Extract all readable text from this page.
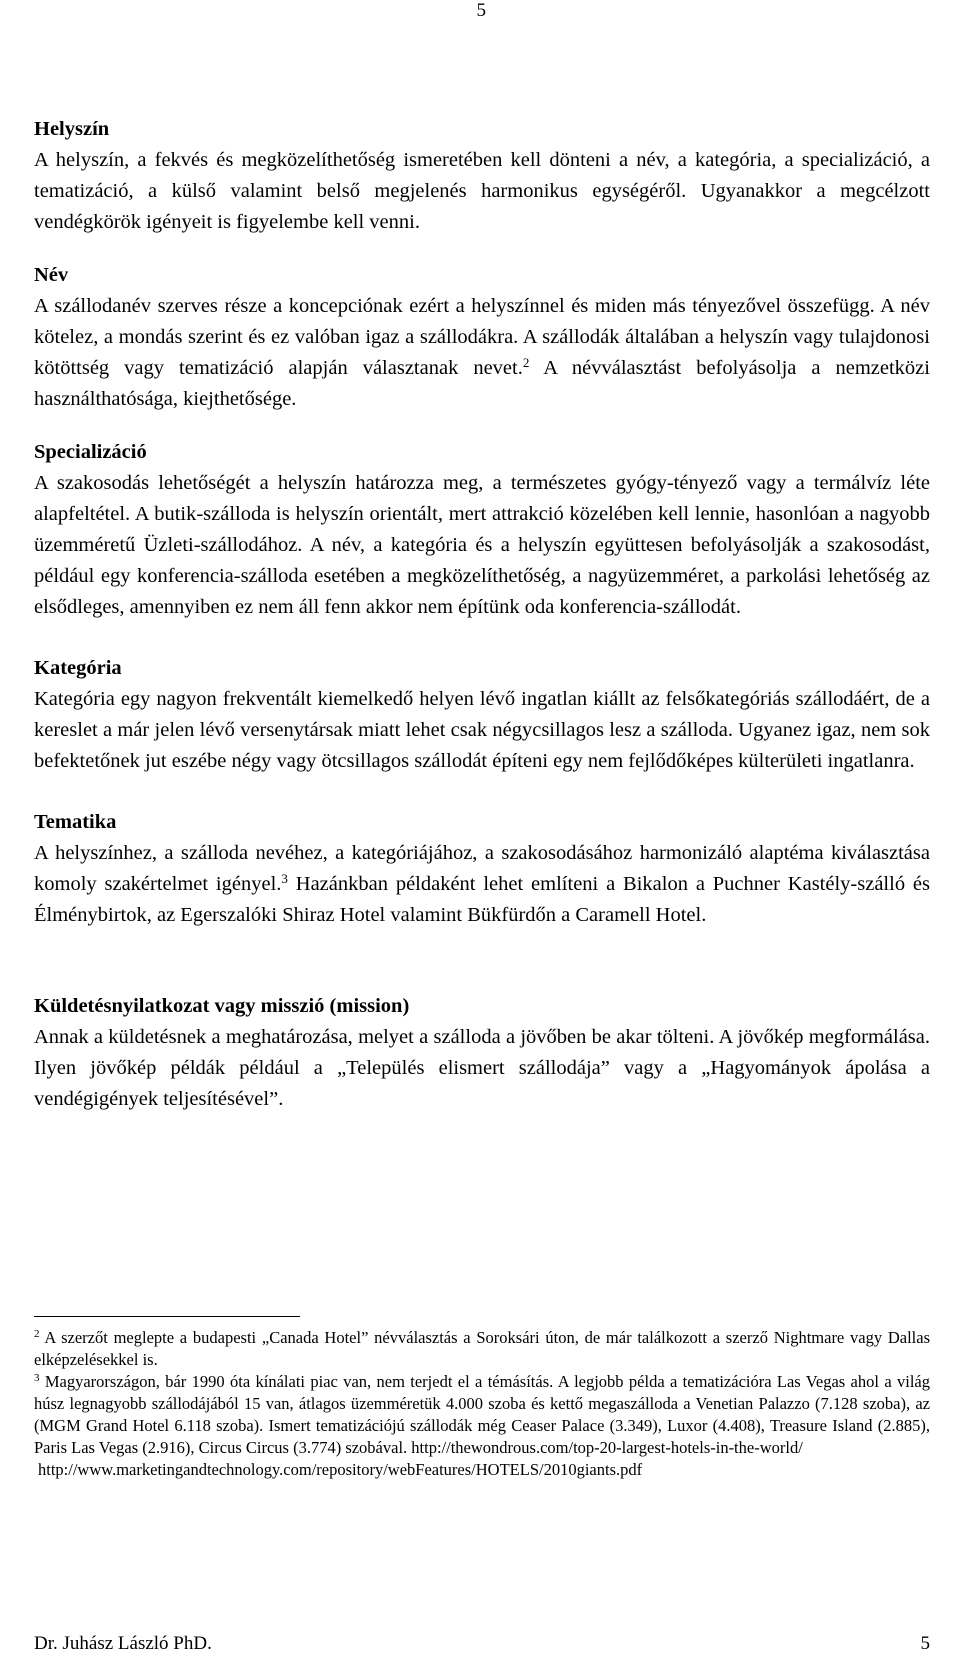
5

Helyszín

A helyszín, a fekvés és megközelíthetőség ismeretében kell dönteni a név, a kategória, a specializáció, a tematizáció, a külső valamint belső megjelenés harmonikus egységéről. Ugyanakkor a megcélzott vendégkörök igényeit is figyelembe kell venni.

Név

A szállodanév szerves része a koncepciónak ezért a helyszínnel és miden más tényezővel összefügg. A név kötelez, a mondás szerint és ez valóban igaz a szállodákra. A szállodák általában a helyszín vagy tulajdonosi kötöttség vagy tematizáció alapján választanak nevet.$^2$ A névválasztást befolyásolja a nemzetközi használthatósága, kiejthetősége.

Specializáció

A szakosodás lehetőségét a helyszín határozza meg, a természetes gyógy-tényező vagy a termálvíz léte alapfeltétel. A butik-szálloda is helyszín orientált, mert attrakció közelében kell lennie, hasonlóan a nagyobb üzemméretű Üzleti-szállodához. A név, a kategória és a helyszín együttesen befolyásolják a szakosodást, például egy konferencia-szálloda esetében a megközelíthetőség, a nagyüzemméret, a parkolási lehetőség az elsődleges, amennyiben ez nem áll fenn akkor nem építünk oda konferencia-szállodát.

Kategória

Kategória egy nagyon frekventált kiemelkedő helyen lévő ingatlan kiállt az felsőkategóriás szállodáért, de a kereslet a már jelen lévő versenytársak miatt lehet csak négycsillagos lesz a szálloda. Ugyanez igaz, nem sok befektetőnek jut eszébe négy vagy ötcsillagos szállodát építeni egy nem fejlődőképes külterületi ingatlanra.

Tematika

A helyszínhez, a szálloda nevéhez, a kategóriájához, a szakosodásához harmonizáló alaptéma kiválasztása komoly szakértelmet igényel.$^3$ Hazánkban példaként lehet említeni a Bikalon a Puchner Kastély-szálló és Élménybirtok, az Egerszalóki Shiraz Hotel valamint Bükfürdőn a Caramell Hotel.

Küldetésnyilatkozat vagy misszió (mission)

Annak a küldetésnek a meghatározása, melyet a szálloda a jövőben be akar tölteni. A jövőkép megformálása. Ilyen jövőkép példák például a „Település elismert szállodája” vagy a „Hagyományok ápolása a vendégigények teljesítésével”.

$^2$ A szerzőt meglepte a budapesti „Canada Hotel” névválasztás a Soroksári úton, de már találkozott a szerző Nightmare vagy Dallas elképzelésekkel is.

$^3$ Magyarországon, bár 1990 óta kínálati piac van, nem terjedt el a témásítás. A legjobb példa a tematizációra Las Vegas ahol a világ húsz legnagyobb szállodájából 15 van, átlagos üzemméretük 4.000 szoba és kettő megaszálloda a Venetian Palazzo (7.128 szoba), az (MGM Grand Hotel 6.118 szoba). Ismert tematizációjú szállodák még Ceaser Palace (3.349), Luxor (4.408), Treasure Island (2.885), Paris Las Vegas (2.916), Circus Circus (3.774) szobával. http://thewondrous.com/top-20-largest-hotels-in-the-world/

http://www.marketingandtechnology.com/repository/webFeatures/HOTELS/2010giants.pdf

Dr. Juhász László PhD.	5
